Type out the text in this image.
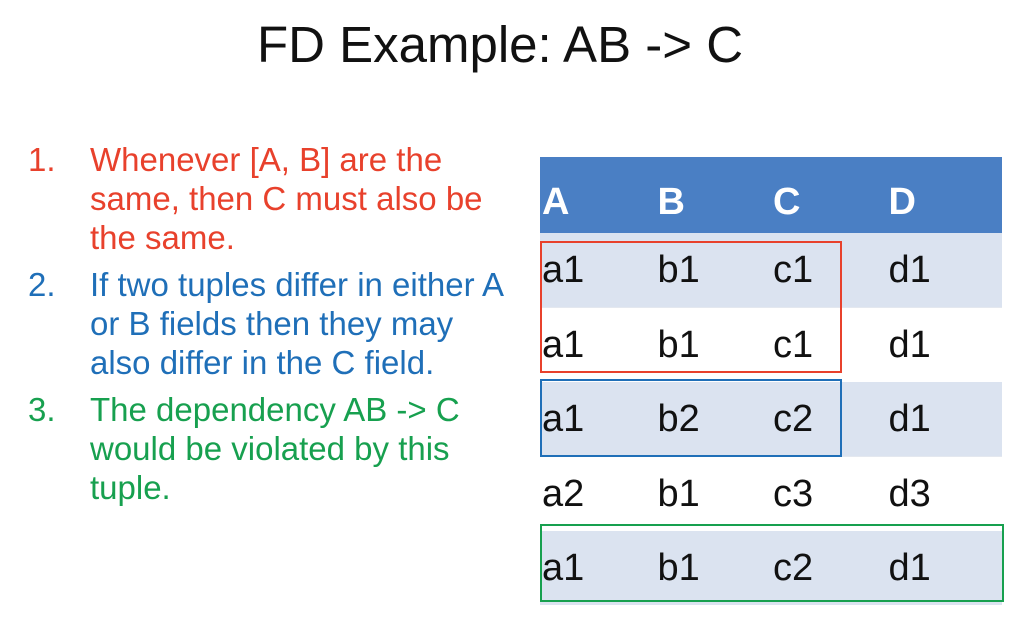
FD Example: AB -> C
1.	Whenever [A, B] are the same, then C must also be the same.
2.	If two tuples differ in either A or B fields then they may also differ in the C field.
3.	The dependency AB -> C would be violated by this tuple.
A	B	C	D
a1	b1	c1	d1
a1	b1	c1	d1
a1	b2	c2	d1
a2	b1	c3	d3
a1	b1	c2	d1
